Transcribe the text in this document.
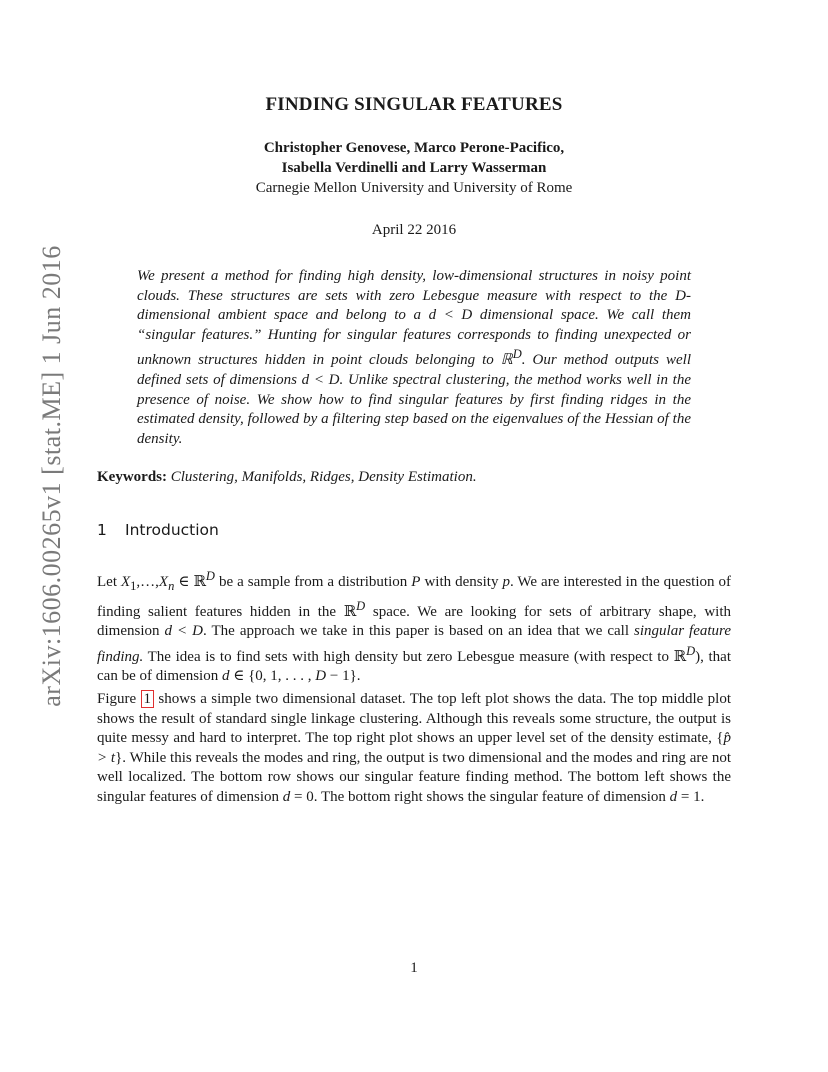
arXiv:1606.00265v1 [stat.ME] 1 Jun 2016
FINDING SINGULAR FEATURES
Christopher Genovese, Marco Perone-Pacifico,
Isabella Verdinelli and Larry Wasserman
Carnegie Mellon University and University of Rome
April 22 2016
We present a method for finding high density, low-dimensional structures in noisy point clouds. These structures are sets with zero Lebesgue measure with respect to the D-dimensional ambient space and belong to a d < D dimensional space. We call them “singular features.” Hunting for singular features corresponds to finding unexpected or unknown structures hidden in point clouds belonging to ℝ$^D$. Our method outputs well defined sets of dimensions d < D. Unlike spectral clustering, the method works well in the presence of noise. We show how to find singular features by first finding ridges in the estimated density, followed by a filtering step based on the eigenvalues of the Hessian of the density.
Keywords: Clustering, Manifolds, Ridges, Density Estimation.
1 Introduction
Let $X_1,\dots,X_n$ ∈ ℝ$^D$ be a sample from a distribution P with density p. We are interested in the question of finding salient features hidden in the ℝ$^D$ space. We are looking for sets of arbitrary shape, with dimension d < D. The approach we take in this paper is based on an idea that we call singular feature finding. The idea is to find sets with high density but zero Lebesgue measure (with respect to ℝ$^D$), that can be of dimension d ∈ {0, 1, . . . , D − 1}.
Figure 1 shows a simple two dimensional dataset. The top left plot shows the data. The top middle plot shows the result of standard single linkage clustering. Although this reveals some structure, the output is quite messy and hard to interpret. The top right plot shows an upper level set of the density estimate, {p̂ > t}. While this reveals the modes and ring, the output is two dimensional and the modes and ring are not well localized. The bottom row shows our singular feature finding method. The bottom left shows the singular features of dimension d = 0. The bottom right shows the singular feature of dimension d = 1.
1
